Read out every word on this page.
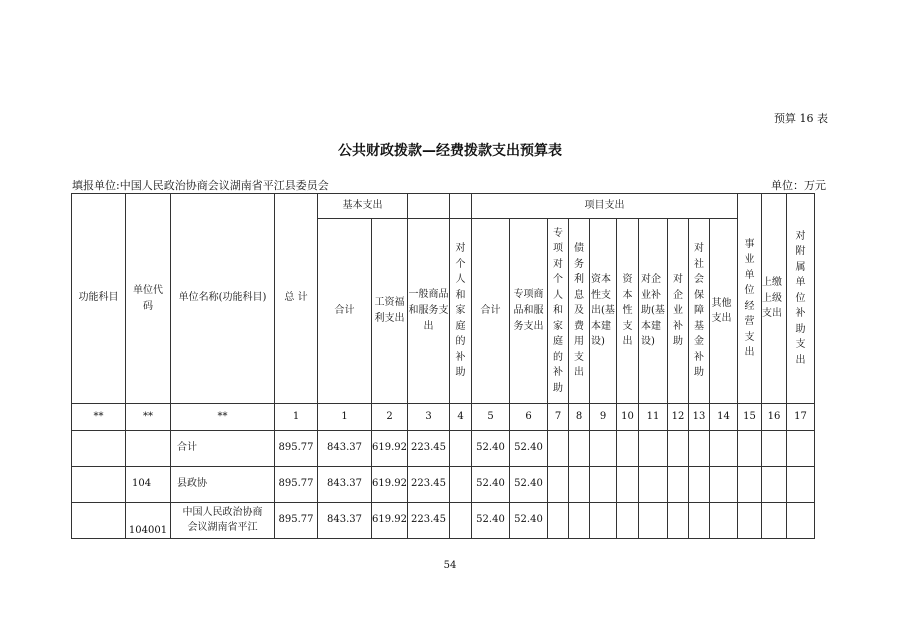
预算 16 表
公共财政拨款—经费拨款支出预算表
填报单位:中国人民政治协商会议湖南省平江县委员会	单位：万元
功能科目	单位代码	单位名称(功能科目)	总 计	基本支出				项目支出										事业单位经营支出	上缴上级支出	对附属单位补助支出
				合计	工资福利支出	一般商品和服务支出	对个人和家庭的补助	合计	专项商品和服务支出	专项对个人和家庭的补助	债务利息及费用支出	资本性支出(基本建设)	资本性支出	对企业补助(基本建设)	对企业补助	对社会保障基金补助	其他支出			
**	**	**	1	1	2	3	4	5	6	7	8	9	10	11	12	13	14	15	16	17
		合计	895.77	843.37	619.92	223.45		52.40	52.40											
	104	县政协	895.77	843.37	619.92	223.45		52.40	52.40											
	104001	中国人民政治协商会议湖南省平江	895.77	843.37	619.92	223.45		52.40	52.40											
54
